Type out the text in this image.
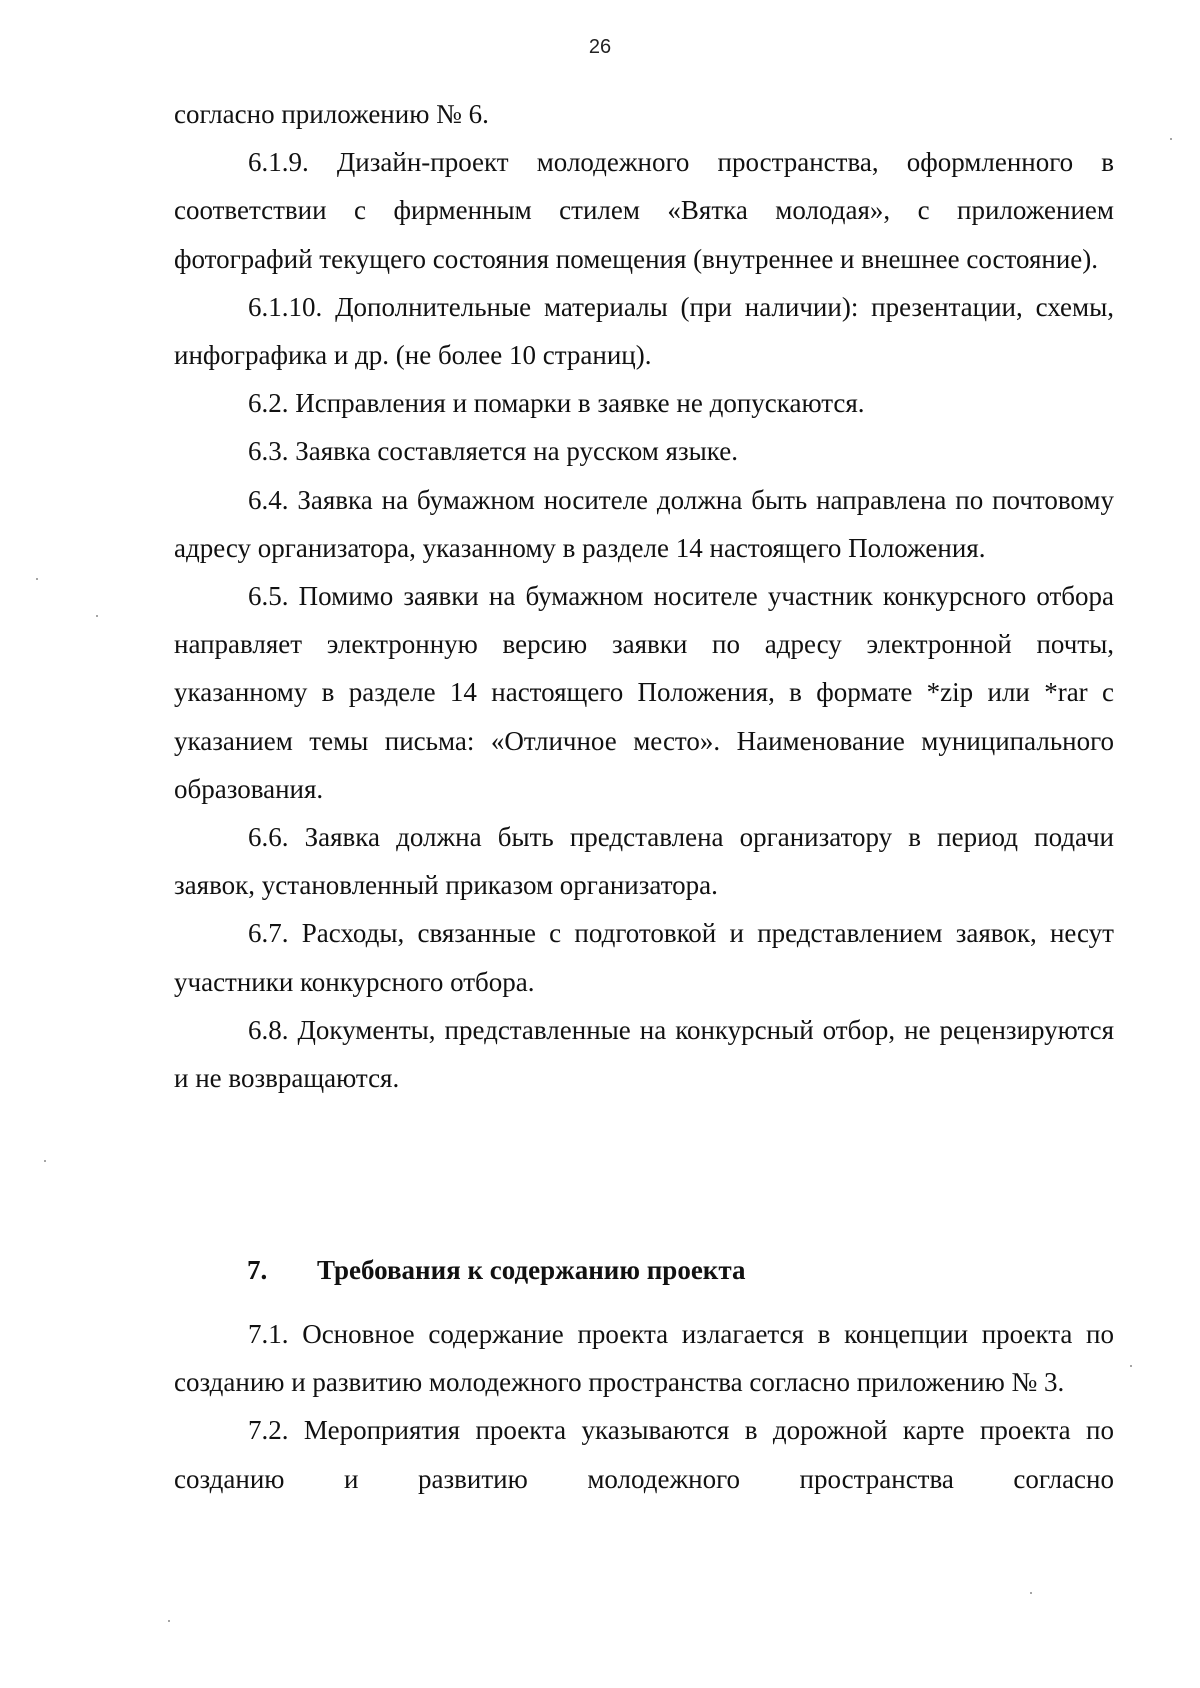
26

согласно приложению № 6.

6.1.9. Дизайн-проект молодежного пространства, оформленного в соответствии с фирменным стилем «Вятка молодая», с приложением фотографий текущего состояния помещения (внутреннее и внешнее состояние).

6.1.10. Дополнительные материалы (при наличии): презентации, схемы, инфографика и др. (не более 10 страниц).

6.2. Исправления и помарки в заявке не допускаются.

6.3. Заявка составляется на русском языке.

6.4. Заявка на бумажном носителе должна быть направлена по почтовому адресу организатора, указанному в разделе 14 настоящего Положения.

6.5. Помимо заявки на бумажном носителе участник конкурсного отбора направляет электронную версию заявки по адресу электронной почты, указанному в разделе 14 настоящего Положения, в формате *zip или *rar с указанием темы письма: «Отличное место». Наименование муниципального образования.

6.6. Заявка должна быть представлена организатору в период подачи заявок, установленный приказом организатора.

6.7. Расходы, связанные с подготовкой и представлением заявок, несут участники конкурсного отбора.

6.8. Документы, представленные на конкурсный отбор, не рецензируются и не возвращаются.

7. Требования к содержанию проекта

7.1. Основное содержание проекта излагается в концепции проекта по созданию и развитию молодежного пространства согласно приложению № 3.

7.2. Мероприятия проекта указываются в дорожной карте проекта по созданию и развитию молодежного пространства согласно
